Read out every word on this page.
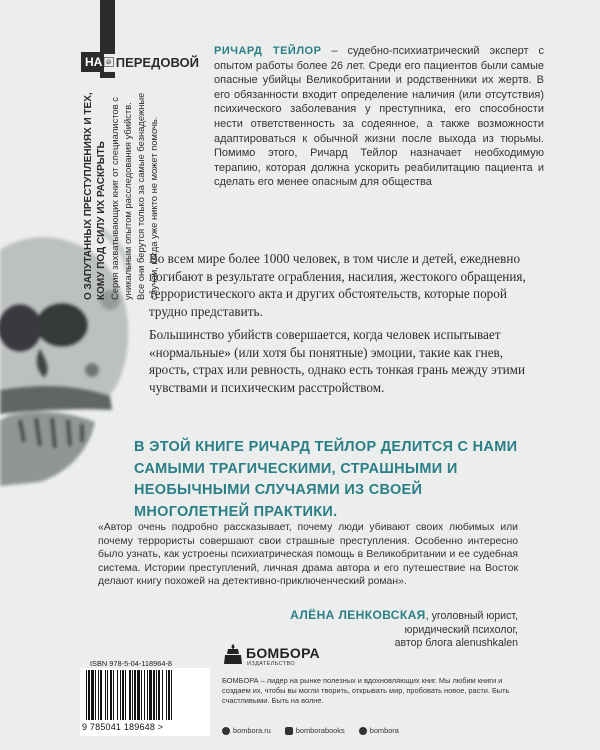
НА ПЕРЕДОВОЙ
О ЗАПУТАННЫХ ПРЕСТУПЛЕНИЯХ И ТЕХ, КОМУ ПОД СИЛУ ИХ РАСКРЫТЬ Серия захватывающих книг от специалистов с уникальным опытом расследования убийств. Все они берутся только за самые безнадежные случаи, когда уже никто не может помочь.
РИЧАРД ТЕЙЛОР – судебно-психиатрический эксперт с опытом работы более 26 лет. Среди его пациентов были самые опасные убийцы Великобритании и родственники их жертв. В его обязанности входит определение наличия (или отсутствия) психического заболевания у преступника, его способности нести ответственность за содеянное, а также возможности адаптироваться к обычной жизни после выхода из тюрьмы. Помимо этого, Ричард Тейлор назначает необходимую терапию, которая должна ускорить реабилитацию пациента и сделать его менее опасным для общества

Во всем мире более 1000 человек, в том числе и детей, ежедневно погибают в результате ограбления, насилия, жестокого обращения, террористического акта и других обстоятельств, которые порой трудно представить.

Большинство убийств совершается, когда человек испытывает «нормальные» (или хотя бы понятные) эмоции, такие как гнев, ярость, страх или ревность, однако есть тонкая грань между этими чувствами и психическим расстройством.

В ЭТОЙ КНИГЕ РИЧАРД ТЕЙЛОР ДЕЛИТСЯ С НАМИ САМЫМИ ТРАГИЧЕСКИМИ, СТРАШНЫМИ И НЕОБЫЧНЫМИ СЛУЧАЯМИ ИЗ СВОЕЙ МНОГОЛЕТНЕЙ ПРАКТИКИ.

«Автор очень подробно рассказывает, почему люди убивают своих любимых или почему террористы совершают свои страшные преступления. Особенно интересно было узнать, как устроены психиатрическая помощь в Великобритании и ее судебная система. Истории преступлений, личная драма автора и его путешествие на Восток делают книгу похожей на детективно-приключенческий роман».

АЛЁНА ЛЕНКОВСКАЯ, уголовный юрист,
юридический психолог,
автор блога alenushkalen
ISBN 978-5-04-118964-8
9 785041 189648 >
БОМБОРА
ИЗДАТЕЛЬСТВО

БОМБОРА – лидер на рынке полезных и вдохновляющих книг. Мы любим книги и создаем их, чтобы вы могли творить, открывать мир, пробовать новое, расти. Быть счастливыми. Быть на волне.

bombora.ru	bomborabooks	bombora
